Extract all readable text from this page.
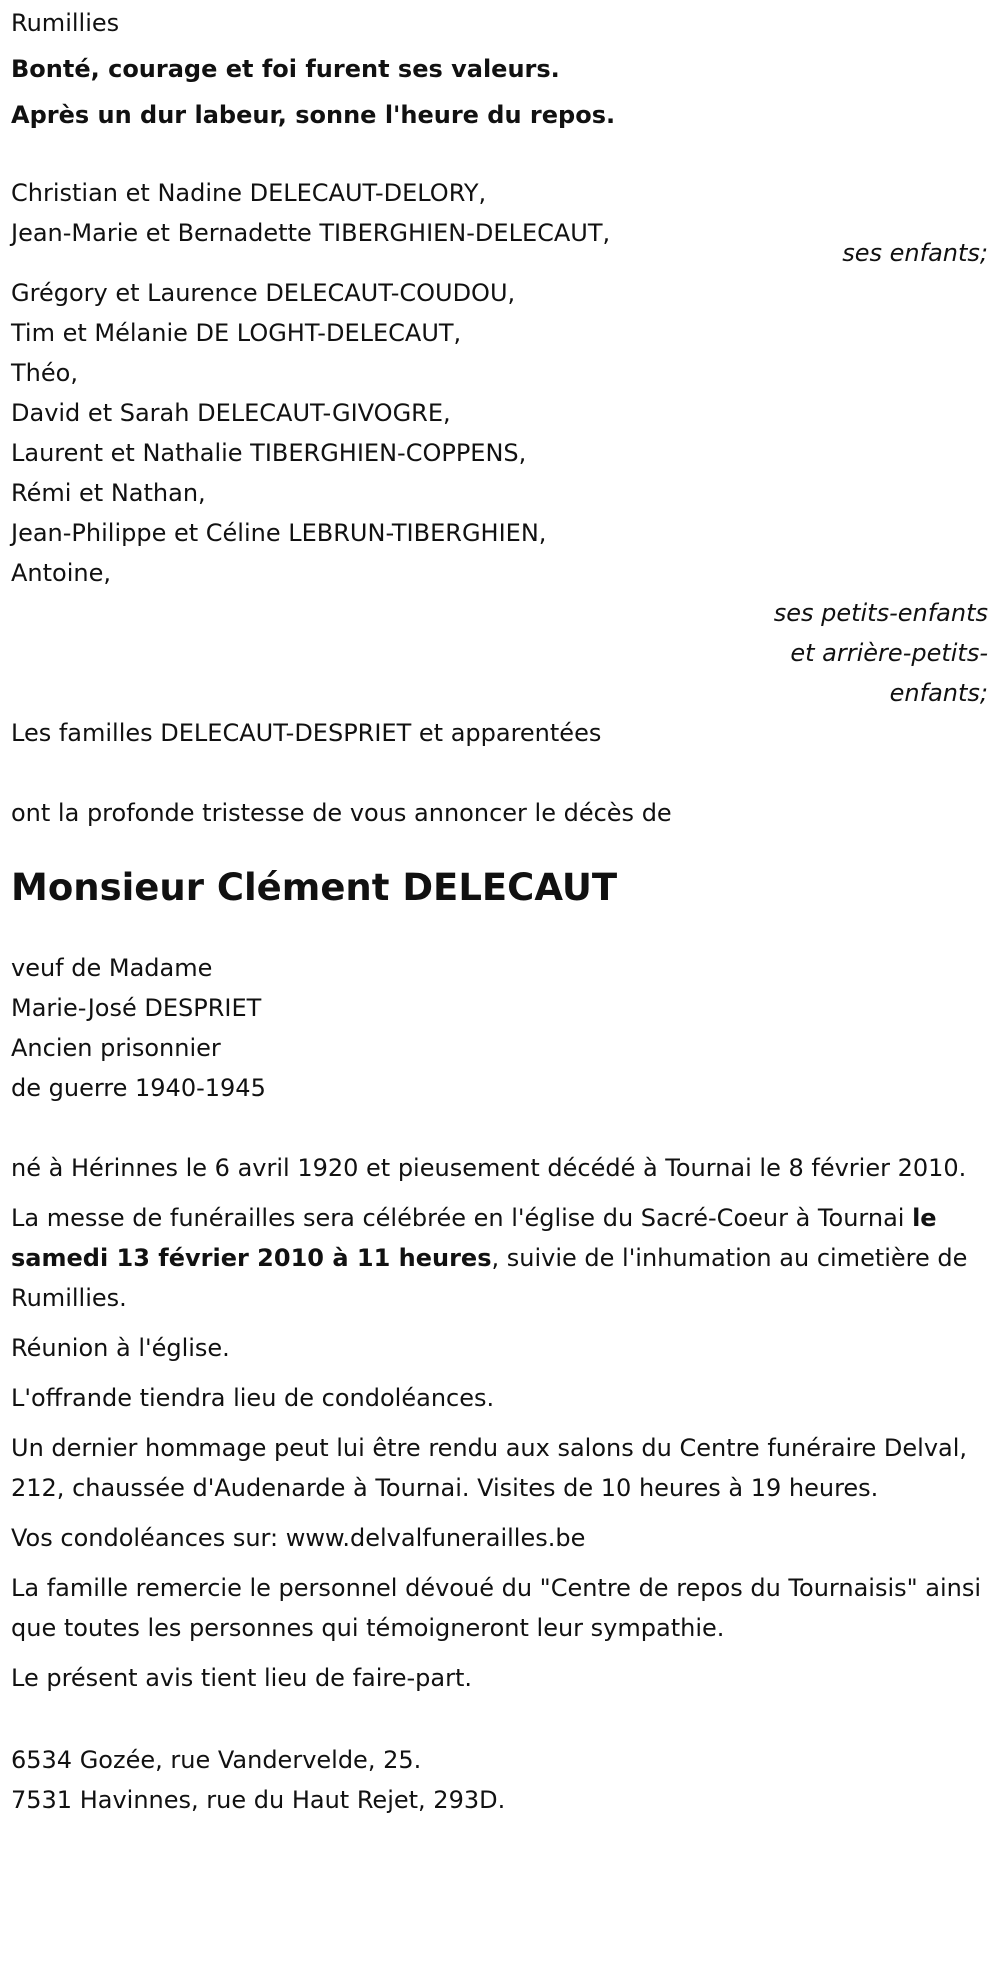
Rumillies
Bonté, courage et foi furent ses valeurs.
Après un dur labeur, sonne l'heure du repos.
Christian et Nadine DELECAUT-DELORY,
Jean-Marie et Bernadette TIBERGHIEN-DELECAUT,
ses enfants;
Grégory et Laurence DELECAUT-COUDOU,
Tim et Mélanie DE LOGHT-DELECAUT,
Théo,
David et Sarah DELECAUT-GIVOGRE,
Laurent et Nathalie TIBERGHIEN-COPPENS,
Rémi et Nathan,
Jean-Philippe et Céline LEBRUN-TIBERGHIEN,
Antoine,
ses petits-enfants
et arrière-petits-
enfants;
Les familles DELECAUT-DESPRIET et apparentées
ont la profonde tristesse de vous annoncer le décès de
Monsieur Clément DELECAUT
veuf de Madame
Marie-José DESPRIET
Ancien prisonnier
de guerre 1940-1945

né à Hérinnes le 6 avril 1920 et pieusement décédé à Tournai le 8 février 2010.

La messe de funérailles sera célébrée en l'église du Sacré-Coeur à Tournai le samedi 13 février 2010 à 11 heures, suivie de l'inhumation au cimetière de Rumillies.

Réunion à l'église.

L'offrande tiendra lieu de condoléances.

Un dernier hommage peut lui être rendu aux salons du Centre funéraire Delval, 212, chaussée d'Audenarde à Tournai. Visites de 10 heures à 19 heures.

Vos condoléances sur: www.delvalfunerailles.be

La famille remercie le personnel dévoué du "Centre de repos du Tournaisis" ainsi que toutes les personnes qui témoigneront leur sympathie.

Le présent avis tient lieu de faire-part.

6534 Gozée, rue Vandervelde, 25.
7531 Havinnes, rue du Haut Rejet, 293D.
